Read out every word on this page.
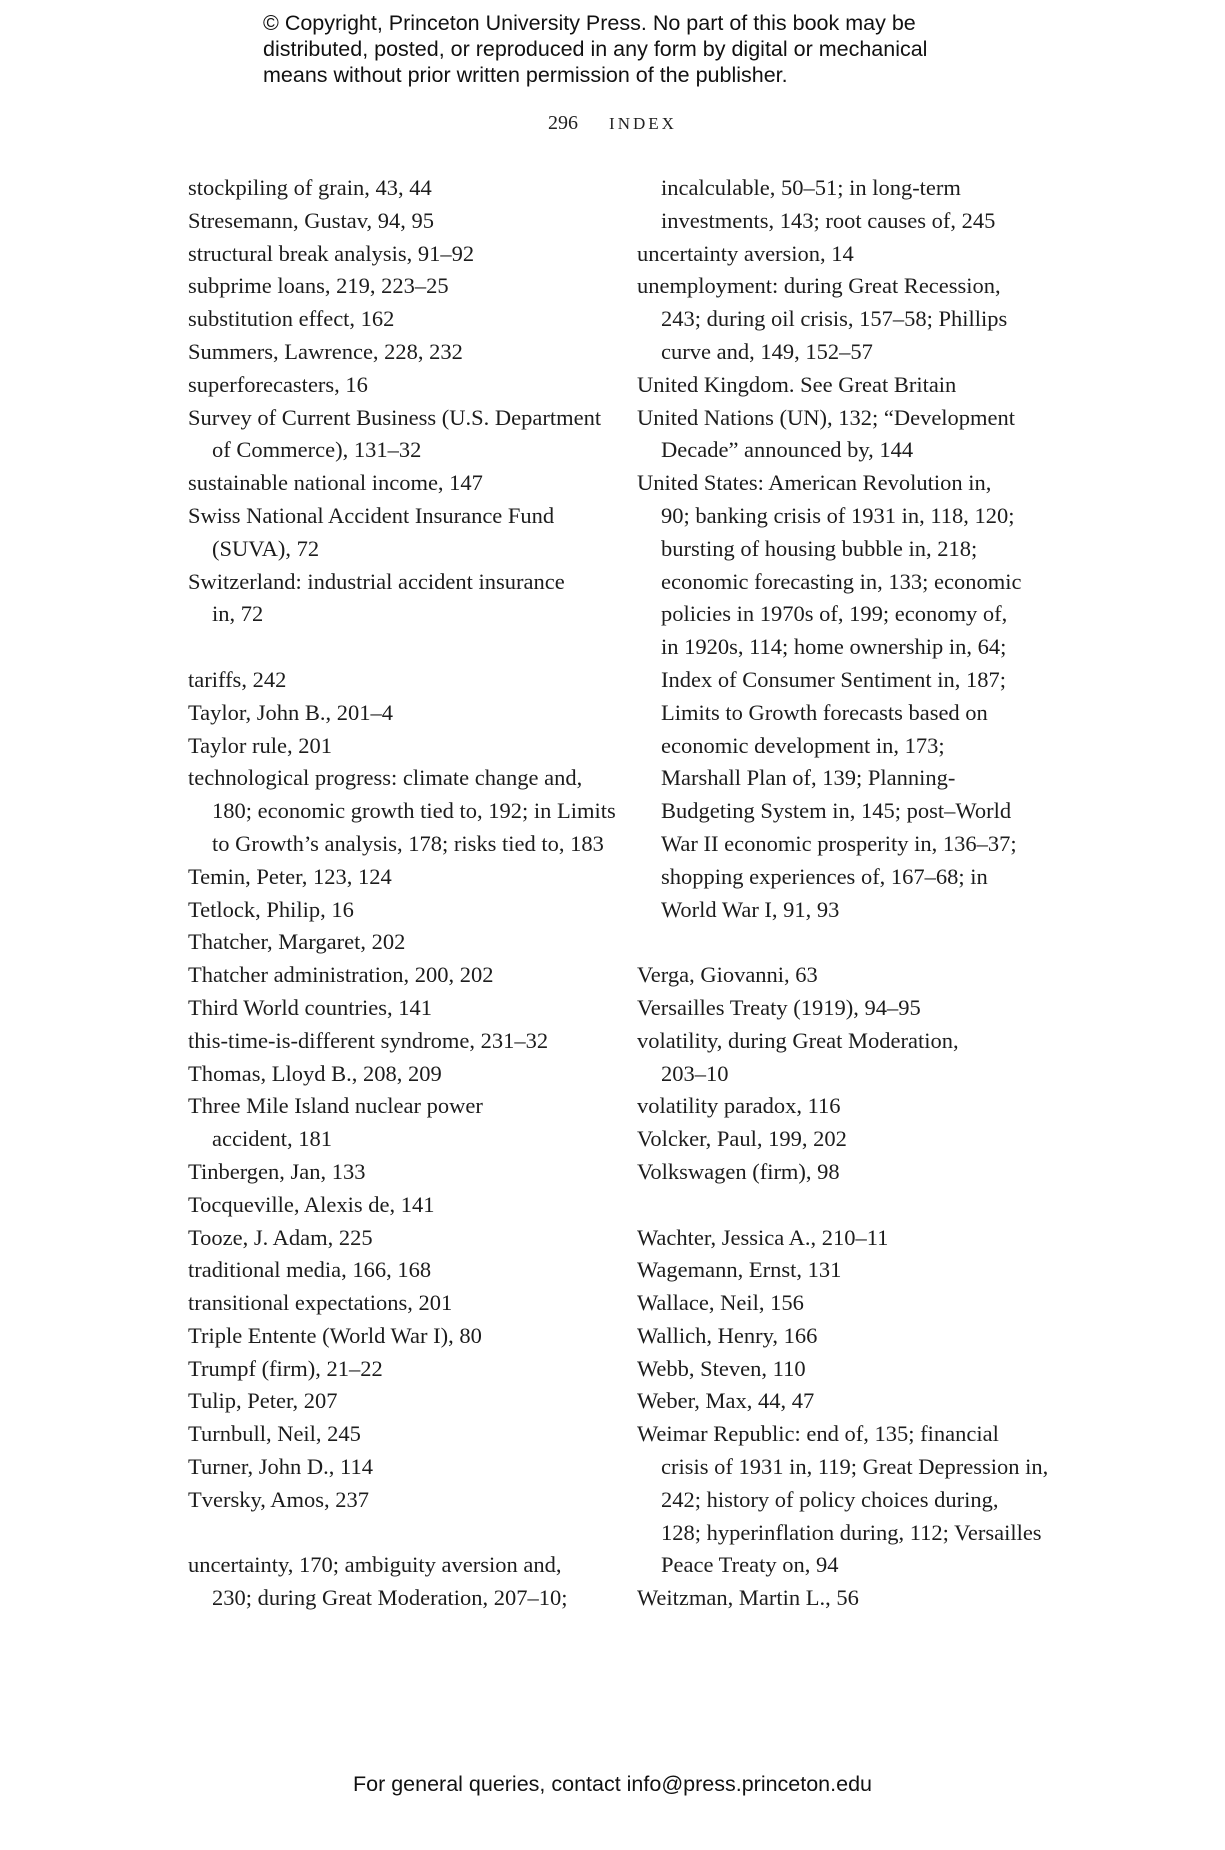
© Copyright, Princeton University Press. No part of this book may be
distributed, posted, or reproduced in any form by digital or mechanical
means without prior written permission of the publisher.
296 INDEX
stockpiling of grain, 43, 44
Stresemann, Gustav, 94, 95
structural break analysis, 91–92
subprime loans, 219, 223–25
substitution effect, 162
Summers, Lawrence, 228, 232
superforecasters, 16
Survey of Current Business (U.S. Department
of Commerce), 131–32
sustainable national income, 147
Swiss National Accident Insurance Fund
(SUVA), 72
Switzerland: industrial accident insurance
in, 72
tariffs, 242
Taylor, John B., 201–4
Taylor rule, 201
technological progress: climate change and,
180; economic growth tied to, 192; in Limits
to Growth’s analysis, 178; risks tied to, 183
Temin, Peter, 123, 124
Tetlock, Philip, 16
Thatcher, Margaret, 202
Thatcher administration, 200, 202
Third World countries, 141
this-time-is-different syndrome, 231–32
Thomas, Lloyd B., 208, 209
Three Mile Island nuclear power
accident, 181
Tinbergen, Jan, 133
Tocqueville, Alexis de, 141
Tooze, J. Adam, 225
traditional media, 166, 168
transitional expectations, 201
Triple Entente (World War I), 80
Trumpf (firm), 21–22
Tulip, Peter, 207
Turnbull, Neil, 245
Turner, John D., 114
Tversky, Amos, 237
uncertainty, 170; ambiguity aversion and,
230; during Great Moderation, 207–10;
incalculable, 50–51; in long-term
investments, 143; root causes of, 245
uncertainty aversion, 14
unemployment: during Great Recession,
243; during oil crisis, 157–58; Phillips
curve and, 149, 152–57
United Kingdom. See Great Britain
United Nations (UN), 132; “Development
Decade” announced by, 144
United States: American Revolution in,
90; banking crisis of 1931 in, 118, 120;
bursting of housing bubble in, 218;
economic forecasting in, 133; economic
policies in 1970s of, 199; economy of,
in 1920s, 114; home ownership in, 64;
Index of Consumer Sentiment in, 187;
Limits to Growth forecasts based on
economic development in, 173;
Marshall Plan of, 139; Planning-
Budgeting System in, 145; post–World
War II economic prosperity in, 136–37;
shopping experiences of, 167–68; in
World War I, 91, 93
Verga, Giovanni, 63
Versailles Treaty (1919), 94–95
volatility, during Great Moderation,
203–10
volatility paradox, 116
Volcker, Paul, 199, 202
Volkswagen (firm), 98
Wachter, Jessica A., 210–11
Wagemann, Ernst, 131
Wallace, Neil, 156
Wallich, Henry, 166
Webb, Steven, 110
Weber, Max, 44, 47
Weimar Republic: end of, 135; financial
crisis of 1931 in, 119; Great Depression in,
242; history of policy choices during,
128; hyperinflation during, 112; Versailles
Peace Treaty on, 94
Weitzman, Martin L., 56
For general queries, contact info@press.princeton.edu
